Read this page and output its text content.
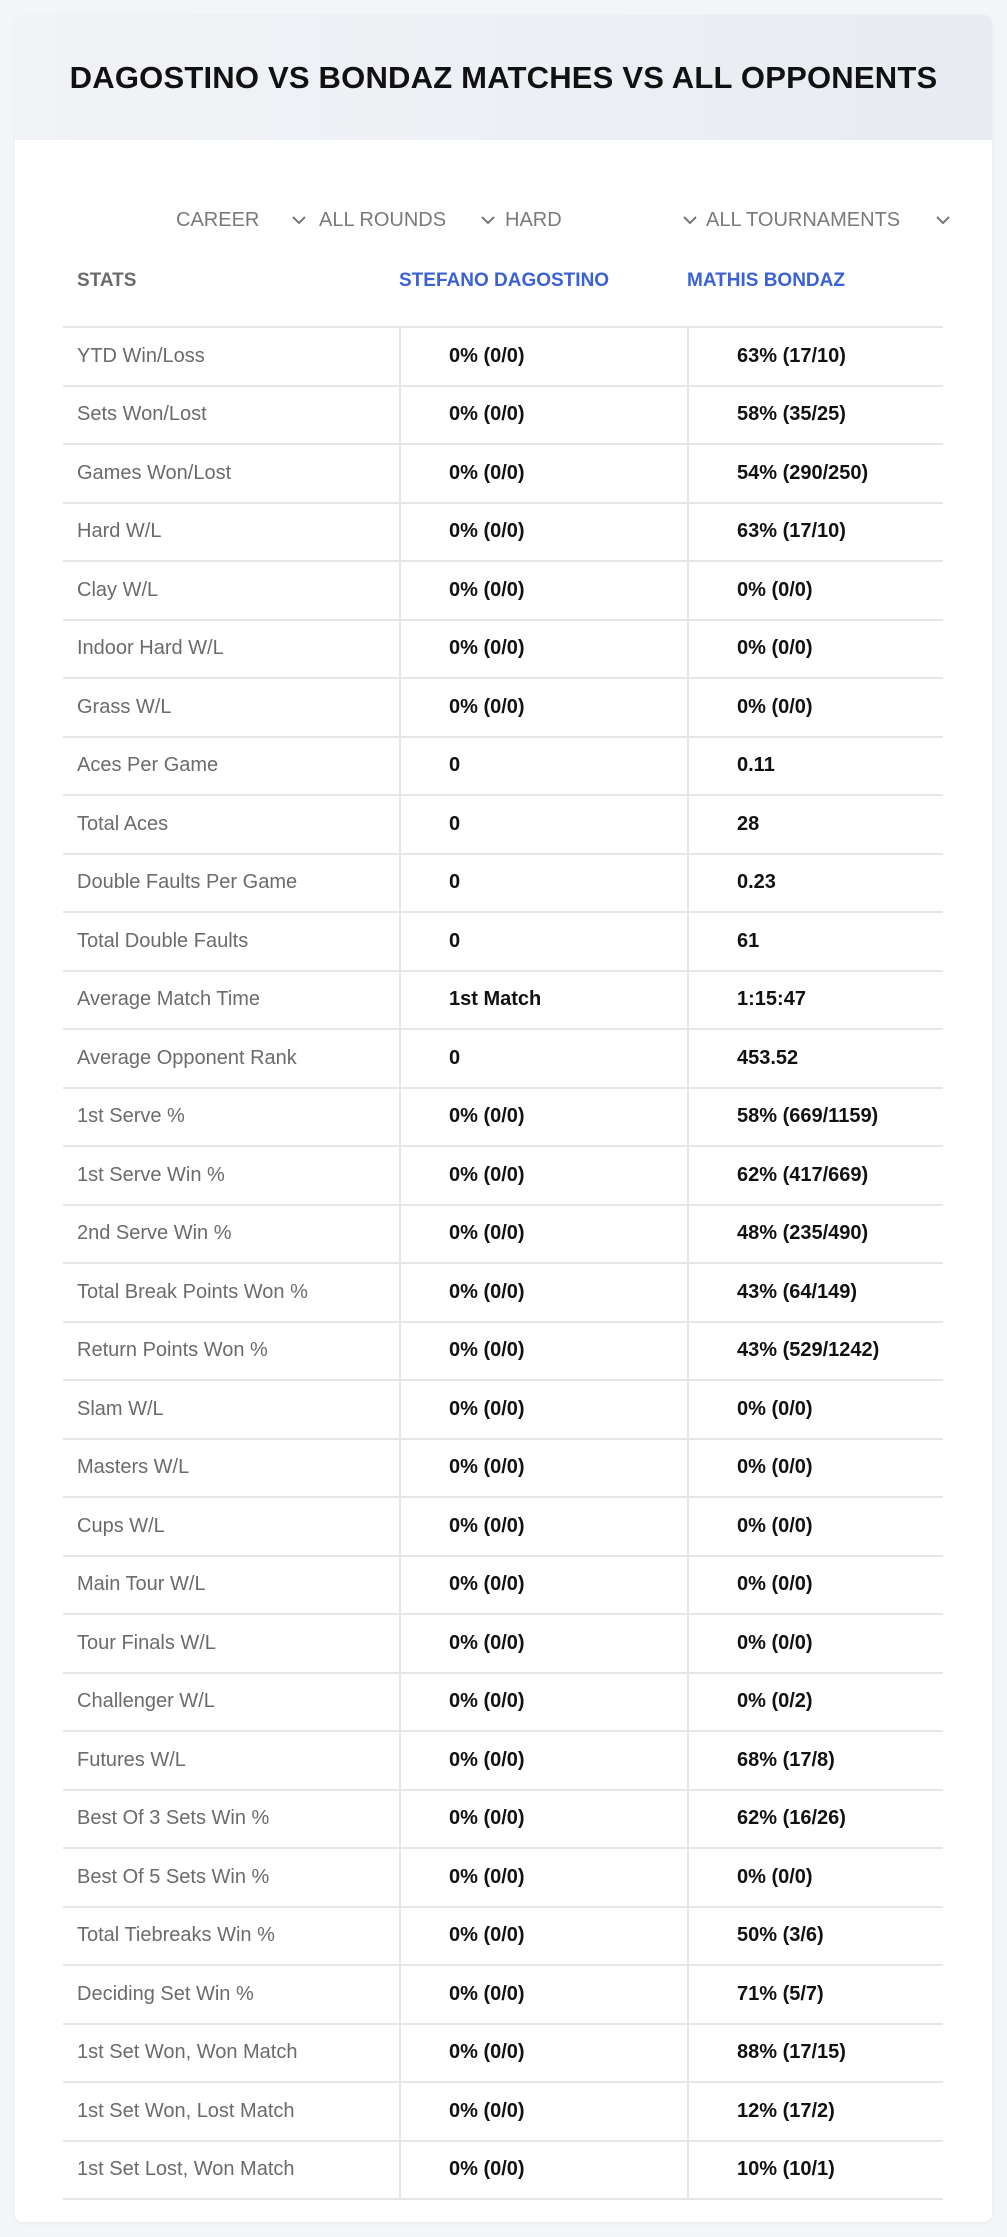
DAGOSTINO VS BONDAZ MATCHES VS ALL OPPONENTS
CAREER	ALL ROUNDS	HARD	ALL TOURNAMENTS
STATS	STEFANO DAGOSTINO	MATHIS BONDAZ
YTD Win/Loss	0% (0/0)	63% (17/10)
Sets Won/Lost	0% (0/0)	58% (35/25)
Games Won/Lost	0% (0/0)	54% (290/250)
Hard W/L	0% (0/0)	63% (17/10)
Clay W/L	0% (0/0)	0% (0/0)
Indoor Hard W/L	0% (0/0)	0% (0/0)
Grass W/L	0% (0/0)	0% (0/0)
Aces Per Game	0	0.11
Total Aces	0	28
Double Faults Per Game	0	0.23
Total Double Faults	0	61
Average Match Time	1st Match	1:15:47
Average Opponent Rank	0	453.52
1st Serve %	0% (0/0)	58% (669/1159)
1st Serve Win %	0% (0/0)	62% (417/669)
2nd Serve Win %	0% (0/0)	48% (235/490)
Total Break Points Won %	0% (0/0)	43% (64/149)
Return Points Won %	0% (0/0)	43% (529/1242)
Slam W/L	0% (0/0)	0% (0/0)
Masters W/L	0% (0/0)	0% (0/0)
Cups W/L	0% (0/0)	0% (0/0)
Main Tour W/L	0% (0/0)	0% (0/0)
Tour Finals W/L	0% (0/0)	0% (0/0)
Challenger W/L	0% (0/0)	0% (0/2)
Futures W/L	0% (0/0)	68% (17/8)
Best Of 3 Sets Win %	0% (0/0)	62% (16/26)
Best Of 5 Sets Win %	0% (0/0)	0% (0/0)
Total Tiebreaks Win %	0% (0/0)	50% (3/6)
Deciding Set Win %	0% (0/0)	71% (5/7)
1st Set Won, Won Match	0% (0/0)	88% (17/15)
1st Set Won, Lost Match	0% (0/0)	12% (17/2)
1st Set Lost, Won Match	0% (0/0)	10% (10/1)
